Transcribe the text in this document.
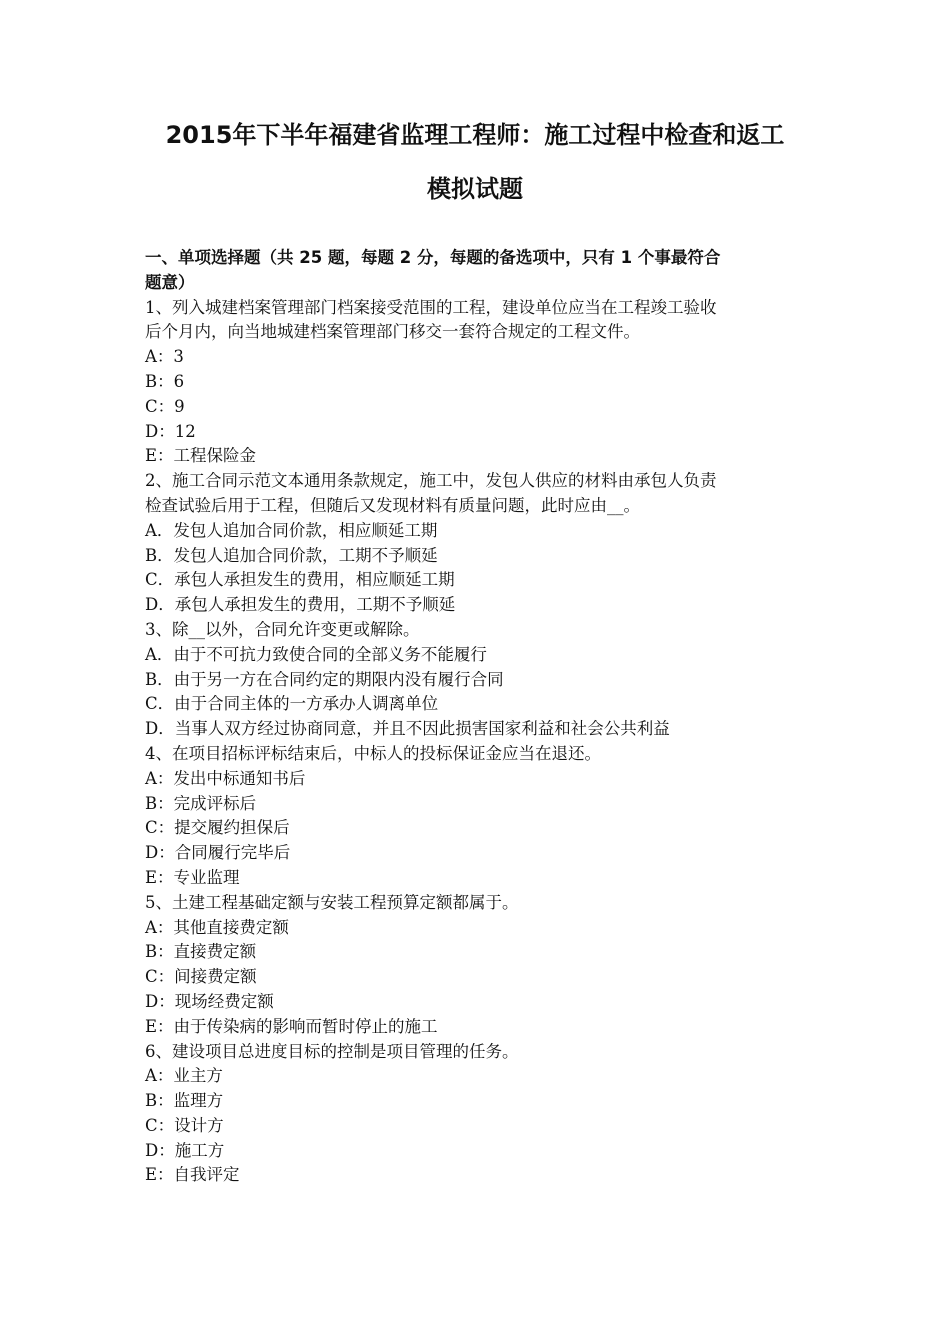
2015年下半年福建省监理工程师：施工过程中检查和返工
模拟试题

一、单项选择题（共 25 题，每题 2 分，每题的备选项中，只有 1 个事最符合

题意）

1、列入城建档案管理部门档案接受范围的工程，建设单位应当在工程竣工验收

后个月内，向当地城建档案管理部门移交一套符合规定的工程文件。

A：3

B：6

C：9

D：12

E：工程保险金

2、施工合同示范文本通用条款规定，施工中，发包人供应的材料由承包人负责

检查试验后用于工程，但随后又发现材料有质量问题，此时应由__。

A．发包人追加合同价款，相应顺延工期

B．发包人追加合同价款，工期不予顺延

C．承包人承担发生的费用，相应顺延工期

D．承包人承担发生的费用，工期不予顺延

3、除__以外，合同允许变更或解除。

A．由于不可抗力致使合同的全部义务不能履行

B．由于另一方在合同约定的期限内没有履行合同

C．由于合同主体的一方承办人调离单位

D．当事人双方经过协商同意，并且不因此损害国家利益和社会公共利益

4、在项目招标评标结束后，中标人的投标保证金应当在退还。

A：发出中标通知书后

B：完成评标后

C：提交履约担保后

D：合同履行完毕后

E：专业监理

5、土建工程基础定额与安装工程预算定额都属于。

A：其他直接费定额

B：直接费定额

C：间接费定额

D：现场经费定额

E：由于传染病的影响而暂时停止的施工

6、建设项目总进度目标的控制是项目管理的任务。

A：业主方

B：监理方

C：设计方

D：施工方

E：自我评定
